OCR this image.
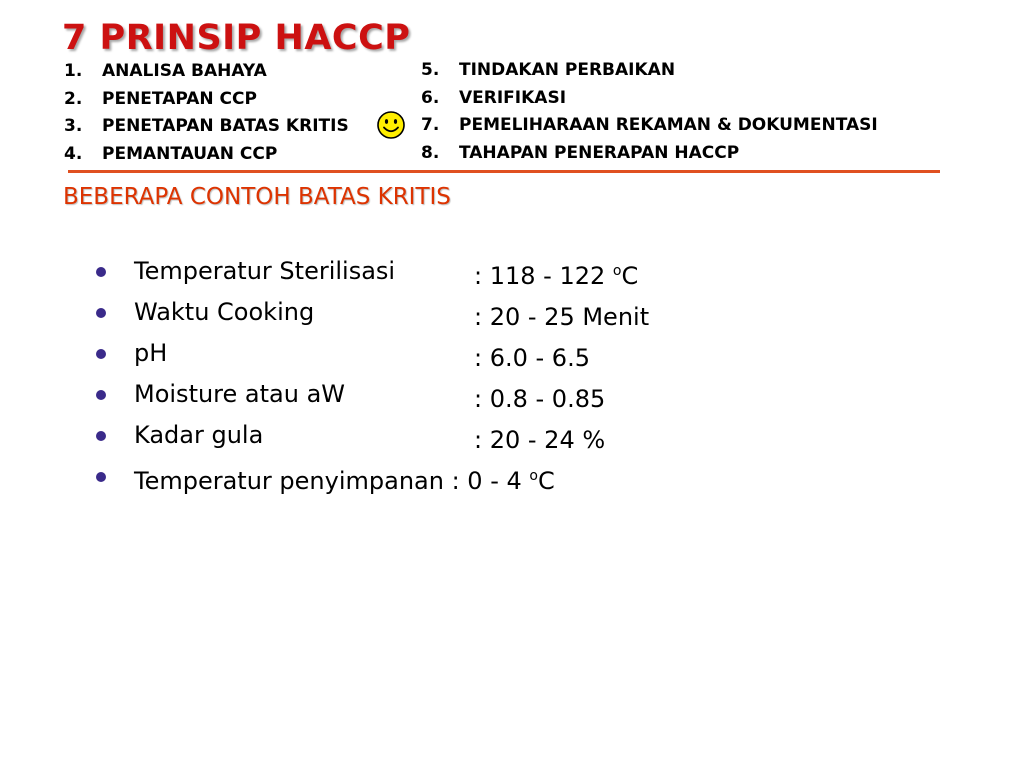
7 PRINSIP HACCP
1. ANALISA BAHAYA
2. PENETAPAN CCP
3. PENETAPAN BATAS KRITIS
4. PEMANTAUAN CCP
5. TINDAKAN PERBAIKAN
6. VERIFIKASI
7. PEMELIHARAAN REKAMAN & DOKUMENTASI
8. TAHAPAN PENERAPAN HACCP
BEBERAPA CONTOH BATAS KRITIS
Temperatur Sterilisasi	: 118 - 122 $^o$C
Waktu Cooking	: 20 - 25 Menit
pH	: 6.0 - 6.5
Moisture atau aW	: 0.8 - 0.85
Kadar gula	: 20 - 24 %
Temperatur penyimpanan : 0 - 4 $^o$C
